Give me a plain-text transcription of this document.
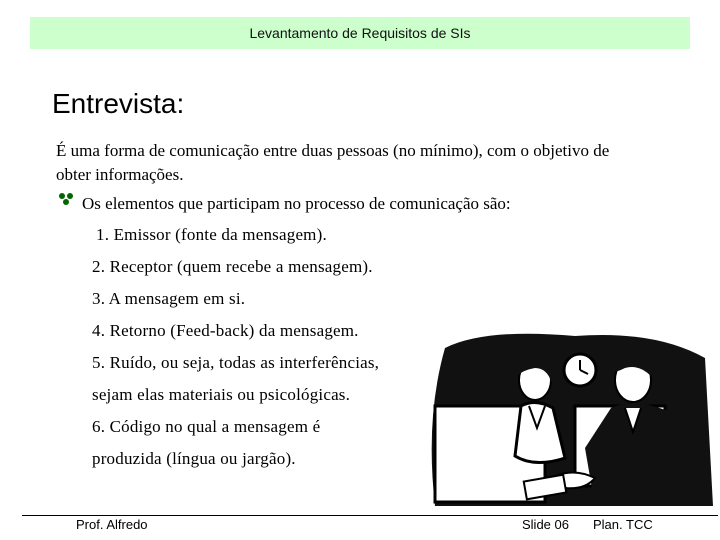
Levantamento de Requisitos de SIs
Entrevista:
É uma forma de comunicação entre duas pessoas (no mínimo), com o objetivo de obter informações.
Os elementos que participam no processo de comunicação são:
1. Emissor (fonte da mensagem).
2. Receptor (quem recebe a mensagem).
3. A mensagem em si.
4. Retorno (Feed-back) da mensagem.
5. Ruído, ou seja, todas as interferências,
sejam elas materiais ou psicológicas.
6. Código no qual a mensagem é
produzida (língua ou jargão).
Prof. Alfredo	Slide 06 Plan. TCC
